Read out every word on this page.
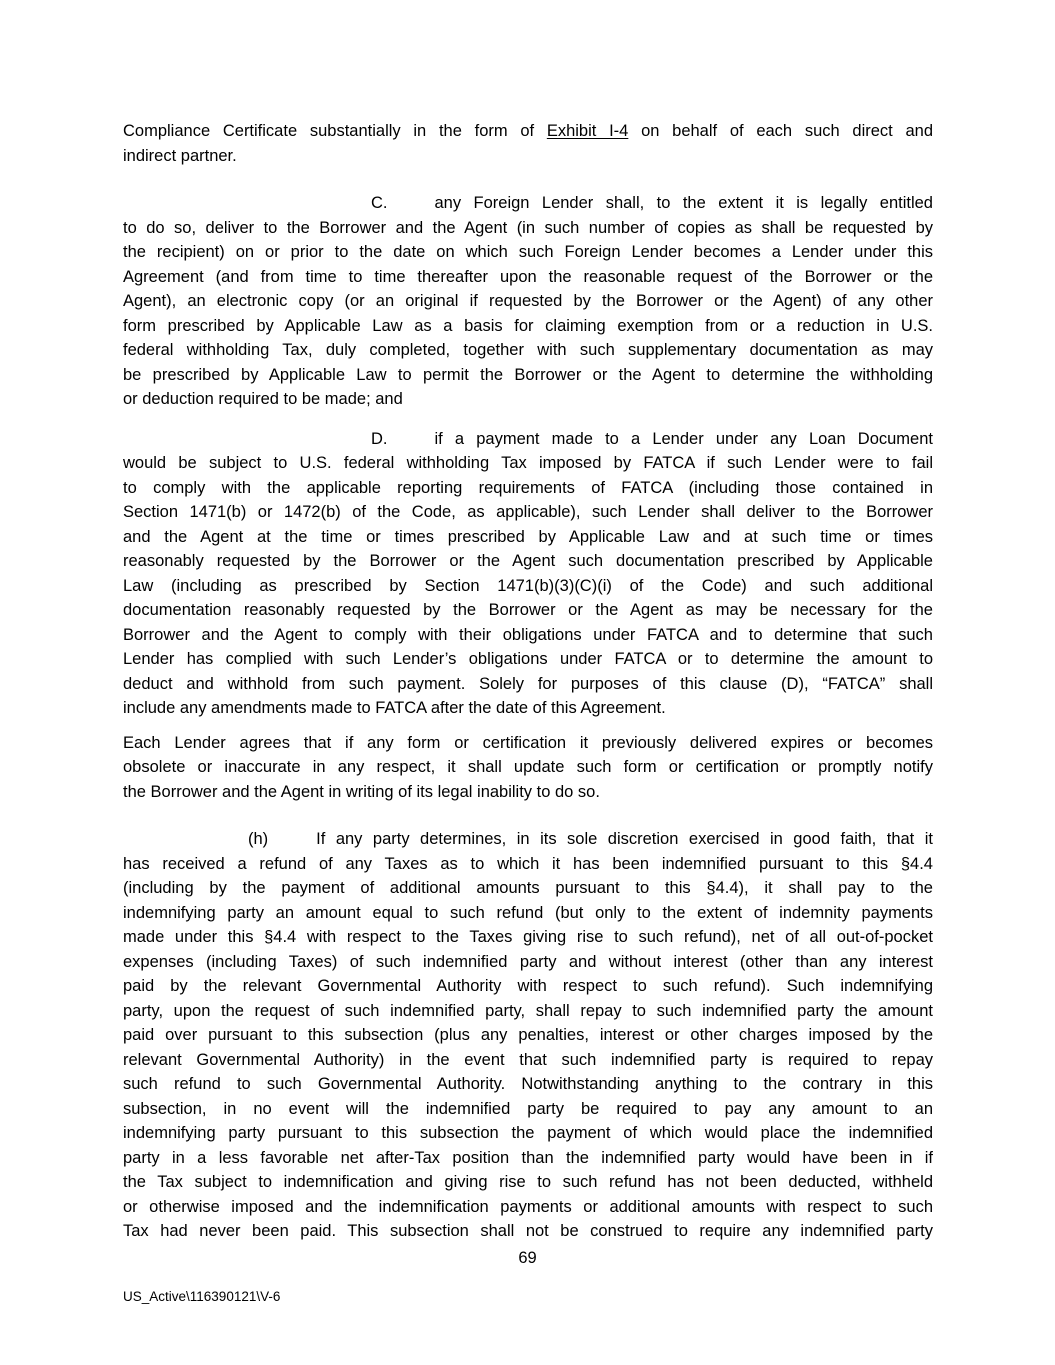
Compliance Certificate substantially in the form of Exhibit I-4 on behalf of each such direct and
indirect partner.
C.	any Foreign Lender shall, to the extent it is legally entitled
to do so, deliver to the Borrower and the Agent (in such number of copies as shall be requested by
the recipient) on or prior to the date on which such Foreign Lender becomes a Lender under this
Agreement (and from time to time thereafter upon the reasonable request of the Borrower or the
Agent), an electronic copy (or an original if requested by the Borrower or the Agent) of any other
form prescribed by Applicable Law as a basis for claiming exemption from or a reduction in U.S.
federal withholding Tax, duly completed, together with such supplementary documentation as may
be prescribed by Applicable Law to permit the Borrower or the Agent to determine the withholding
or deduction required to be made; and
D.	if a payment made to a Lender under any Loan Document
would be subject to U.S. federal withholding Tax imposed by FATCA if such Lender were to fail
to comply with the applicable reporting requirements of FATCA (including those contained in
Section 1471(b) or 1472(b) of the Code, as applicable), such Lender shall deliver to the Borrower
and the Agent at the time or times prescribed by Applicable Law and at such time or times
reasonably requested by the Borrower or the Agent such documentation prescribed by Applicable
Law (including as prescribed by Section 1471(b)(3)(C)(i) of the Code) and such additional
documentation reasonably requested by the Borrower or the Agent as may be necessary for the
Borrower and the Agent to comply with their obligations under FATCA and to determine that such
Lender has complied with such Lender’s obligations under FATCA or to determine the amount to
deduct and withhold from such payment. Solely for purposes of this clause (D), “FATCA” shall
include any amendments made to FATCA after the date of this Agreement.
Each Lender agrees that if any form or certification it previously delivered expires or becomes
obsolete or inaccurate in any respect, it shall update such form or certification or promptly notify
the Borrower and the Agent in writing of its legal inability to do so.
(h)	If any party determines, in its sole discretion exercised in good faith, that it
has received a refund of any Taxes as to which it has been indemnified pursuant to this §4.4
(including by the payment of additional amounts pursuant to this §4.4), it shall pay to the
indemnifying party an amount equal to such refund (but only to the extent of indemnity payments
made under this §4.4 with respect to the Taxes giving rise to such refund), net of all out-of-pocket
expenses (including Taxes) of such indemnified party and without interest (other than any interest
paid by the relevant Governmental Authority with respect to such refund). Such indemnifying
party, upon the request of such indemnified party, shall repay to such indemnified party the amount
paid over pursuant to this subsection (plus any penalties, interest or other charges imposed by the
relevant Governmental Authority) in the event that such indemnified party is required to repay
such refund to such Governmental Authority. Notwithstanding anything to the contrary in this
subsection, in no event will the indemnified party be required to pay any amount to an
indemnifying party pursuant to this subsection the payment of which would place the indemnified
party in a less favorable net after-Tax position than the indemnified party would have been in if
the Tax subject to indemnification and giving rise to such refund has not been deducted, withheld
or otherwise imposed and the indemnification payments or additional amounts with respect to such
Tax had never been paid. This subsection shall not be construed to require any indemnified party
69
US_Active\116390121\V-6
